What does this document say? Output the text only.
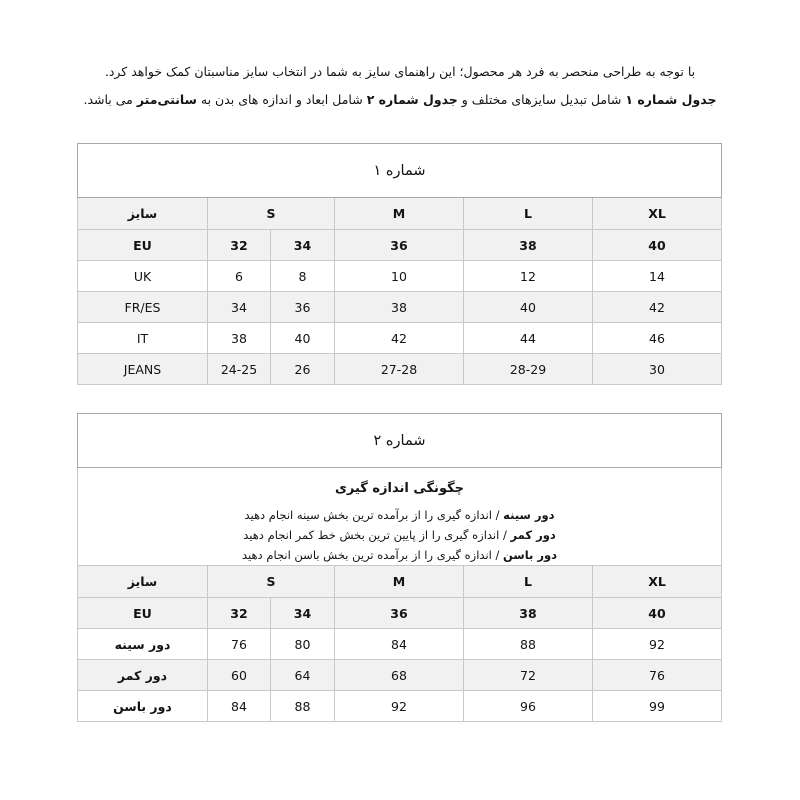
با توجه به طراحی منحصر به فرد هر محصول؛ این راهنمای سایز به شما در انتخاب سایز مناسبتان کمک خواهد کرد.
جدول شماره ۱ شامل تبدیل سایزهای مختلف و جدول شماره ۲ شامل ابعاد و اندازه های بدن به سانتی‌متر می باشد.
شماره ۱					
XL	L	M	S		سایز
40	38	36	34	32	EU
14	12	10	8	6	UK
42	40	38	36	34	FR/ES
46	44	42	40	38	IT
30	28-29	27-28	26	24-25	JEANS
شماره ۲					

چگونگی اندازه گیری
دور سینه / اندازه گیری را از برآمده ترین بخش سینه انجام دهید
دور کمر / اندازه گیری را از پایین ترین بخش خط کمر انجام دهید
دور باسن / اندازه گیری را از برآمده ترین بخش باسن انجام دهید					

XL	L	M	S		سایز
40	38	36	34	32	EU
92	88	84	80	76	دور سینه
76	72	68	64	60	دور کمر
99	96	92	88	84	دور باسن
